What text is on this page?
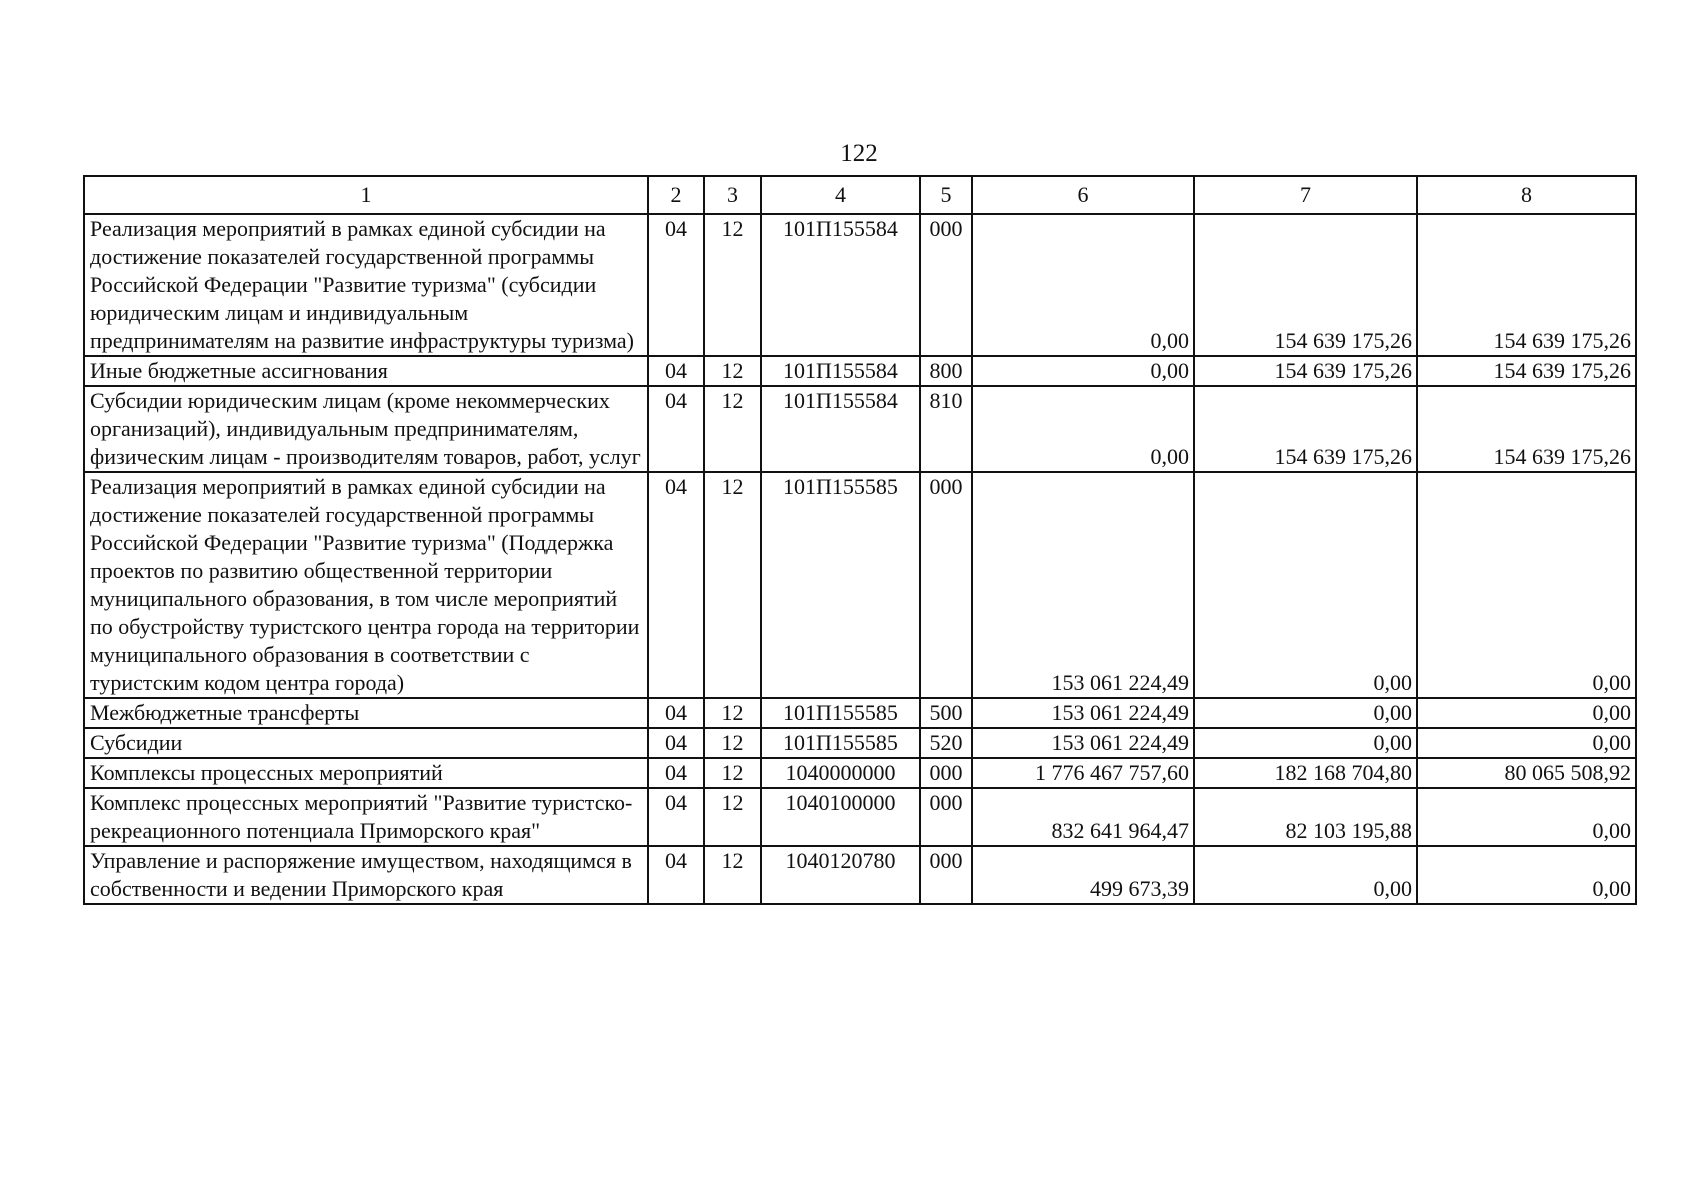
122
1	2	3	4	5	6	7	8
Реализация мероприятий в рамках единой субсидии на достижение показателей государственной программы Российской Федерации "Развитие туризма" (субсидии юридическим лицам и индивидуальным предпринимателям на развитие инфраструктуры туризма)	04	12	101П155584	000	0,00	154 639 175,26	154 639 175,26
Иные бюджетные ассигнования	04	12	101П155584	800	0,00	154 639 175,26	154 639 175,26
Субсидии юридическим лицам (кроме некоммерческих организаций), индивидуальным предпринимателям, физическим лицам - производителям товаров, работ, услуг	04	12	101П155584	810	0,00	154 639 175,26	154 639 175,26
Реализация мероприятий в рамках единой субсидии на достижение показателей государственной программы Российской Федерации "Развитие туризма" (Поддержка проектов по развитию общественной территории муниципального образования, в том числе мероприятий по обустройству туристского центра города на территории муниципального образования в соответствии с туристским кодом центра города)	04	12	101П155585	000	153 061 224,49	0,00	0,00
Межбюджетные трансферты	04	12	101П155585	500	153 061 224,49	0,00	0,00
Субсидии	04	12	101П155585	520	153 061 224,49	0,00	0,00
Комплексы процессных мероприятий	04	12	1040000000	000	1 776 467 757,60	182 168 704,80	80 065 508,92
Комплекс процессных мероприятий "Развитие туристско-рекреационного потенциала Приморского края"	04	12	1040100000	000	832 641 964,47	82 103 195,88	0,00
Управление и распоряжение имуществом, находящимся в собственности и ведении Приморского края	04	12	1040120780	000	499 673,39	0,00	0,00
